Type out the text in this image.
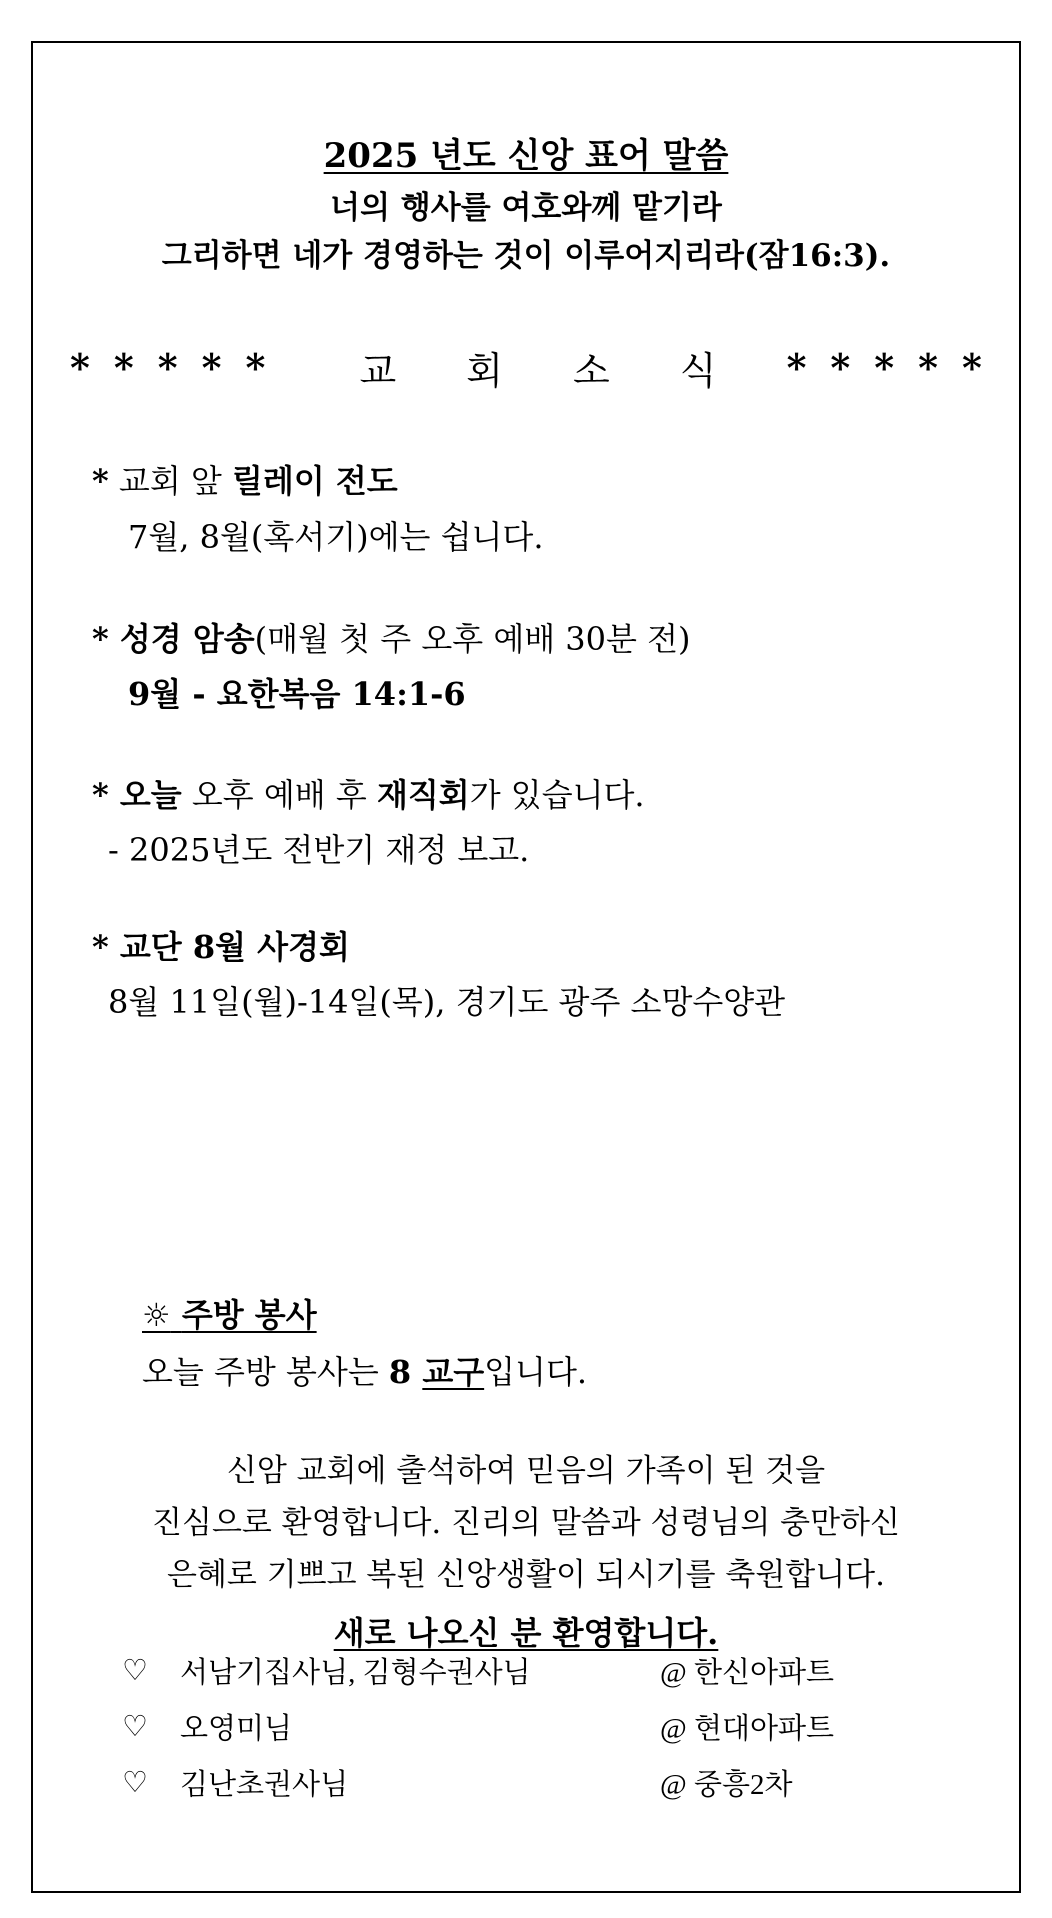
2025 년도 신앙 표어 말씀
너의 행사를 여호와께 맡기라
그리하면 네가 경영하는 것이 이루어지리라(잠16:3).
***** 교 회 소 식 *****
* 교회 앞 릴레이 전도
7월, 8월(혹서기)에는 쉽니다.
* 성경 암송(매월 첫 주 오후 예배 30분 전)
9월 - 요한복음 14:1-6
* 오늘 오후 예배 후 재직회가 있습니다.
- 2025년도 전반기 재정 보고.
* 교단 8월 사경회
8월 11일(월)-14일(목), 경기도 광주 소망수양관
☼ 주방 봉사
오늘 주방 봉사는 8 교구입니다.
신암 교회에 출석하여 믿음의 가족이 된 것을
진심으로 환영합니다. 진리의 말씀과 성령님의 충만하신
은혜로 기쁘고 복된 신앙생활이 되시기를 축원합니다.
새로 나오신 분 환영합니다.
♡	서남기집사님, 김형수권사님	@ 한신아파트
♡	오영미님	@ 현대아파트
♡	김난초권사님	@ 중흥2차
